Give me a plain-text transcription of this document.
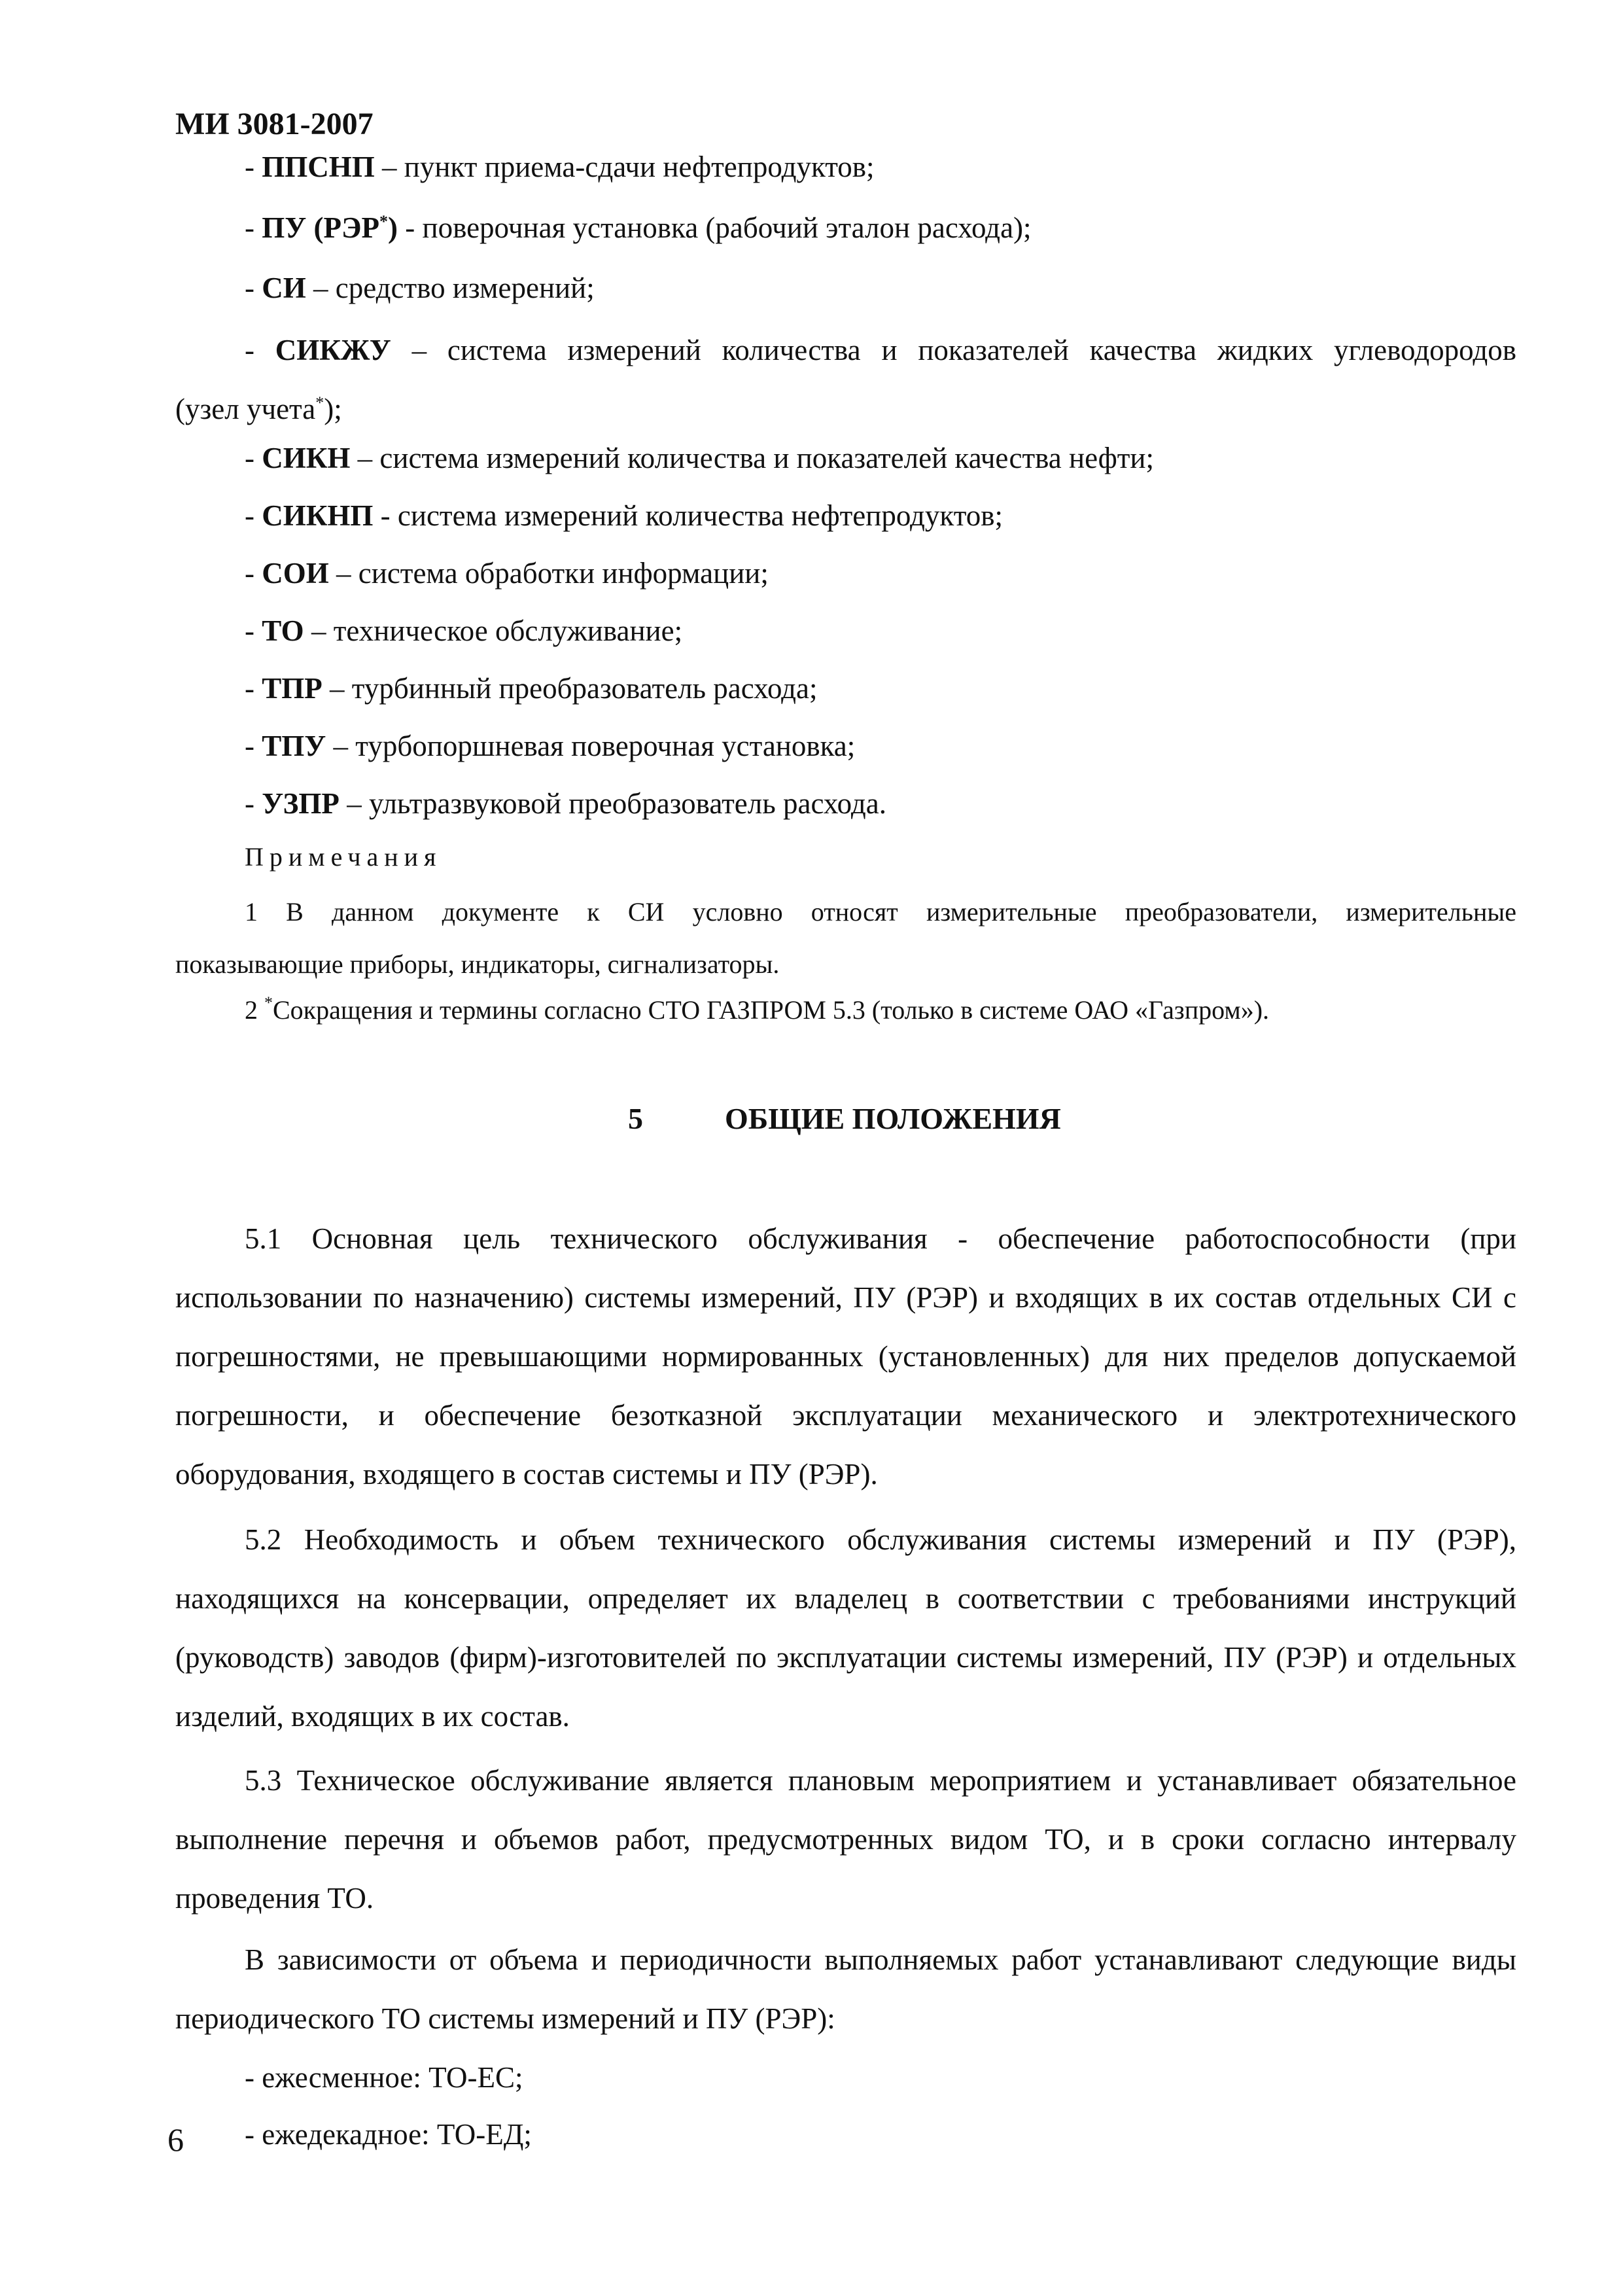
МИ 3081-2007
- ППСНП – пункт приема-сдачи нефтепродуктов;
- ПУ (РЭР*) - поверочная установка (рабочий эталон расхода);
- СИ – средство измерений;
- СИКЖУ – система измерений количества и показателей качества жидких углеводородов
(узел учета*);
- СИКН – система измерений количества и показателей качества нефти;
- СИКНП - система измерений количества нефтепродуктов;
- СОИ – система обработки информации;
- ТО – техническое обслуживание;
- ТПР – турбинный преобразователь расхода;
- ТПУ – турбопоршневая поверочная установка;
- УЗПР – ультразвуковой преобразователь расхода.
Примечания
1 В данном документе к СИ условно относят измерительные преобразователи, измерительные
показывающие приборы, индикаторы, сигнализаторы.
2 *Сокращения и термины согласно СТО ГАЗПРОМ 5.3 (только в системе ОАО «Газпром»).
5	ОБЩИЕ ПОЛОЖЕНИЯ
5.1 Основная цель технического обслуживания - обеспечение работоспособности (при использовании по назначению) системы измерений, ПУ (РЭР) и входящих в их состав отдельных СИ с погрешностями, не превышающими нормированных (установленных) для них пределов допускаемой погрешности, и обеспечение безотказной эксплуатации механического и электротехнического оборудования, входящего в состав системы и ПУ (РЭР).
5.2 Необходимость и объем технического обслуживания системы измерений и ПУ (РЭР), находящихся на консервации, определяет их владелец в соответствии с требованиями инструкций (руководств) заводов (фирм)-изготовителей по эксплуатации системы измерений, ПУ (РЭР) и отдельных изделий, входящих в их состав.
5.3 Техническое обслуживание является плановым мероприятием и устанавливает обязательное выполнение перечня и объемов работ, предусмотренных видом ТО, и в сроки согласно интервалу проведения ТО.
В зависимости от объема и периодичности выполняемых работ устанавливают следующие виды периодического ТО системы измерений и ПУ (РЭР):
- ежесменное: ТО-ЕС;
- ежедекадное: ТО-ЕД;
6
